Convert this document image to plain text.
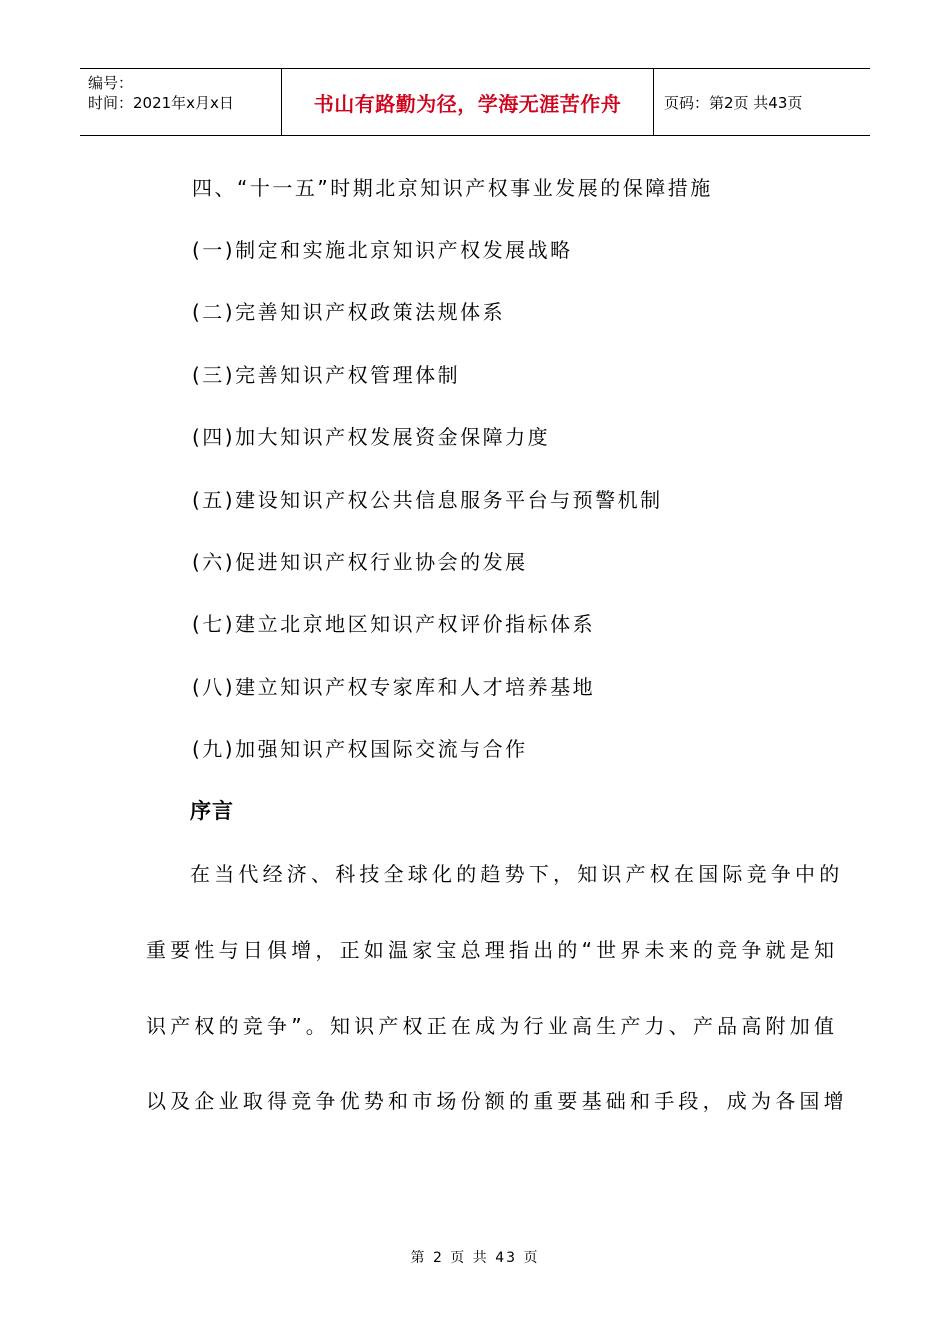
编号：
时间：2021年x月x日	书山有路勤为径，学海无涯苦作舟	页码：第2页 共43页
四、“十一五”时期北京知识产权事业发展的保障措施
(一)制定和实施北京知识产权发展战略
(二)完善知识产权政策法规体系
(三)完善知识产权管理体制
(四)加大知识产权发展资金保障力度
(五)建设知识产权公共信息服务平台与预警机制
(六)促进知识产权行业协会的发展
(七)建立北京地区知识产权评价指标体系
(八)建立知识产权专家库和人才培养基地
(九)加强知识产权国际交流与合作
序言
在当代经济、科技全球化的趋势下，知识产权在国际竞争中的
重要性与日俱增，正如温家宝总理指出的“世界未来的竞争就是知
识产权的竞争”。知识产权正在成为行业高生产力、产品高附加值
以及企业取得竞争优势和市场份额的重要基础和手段，成为各国增
第 2 页 共 43 页
